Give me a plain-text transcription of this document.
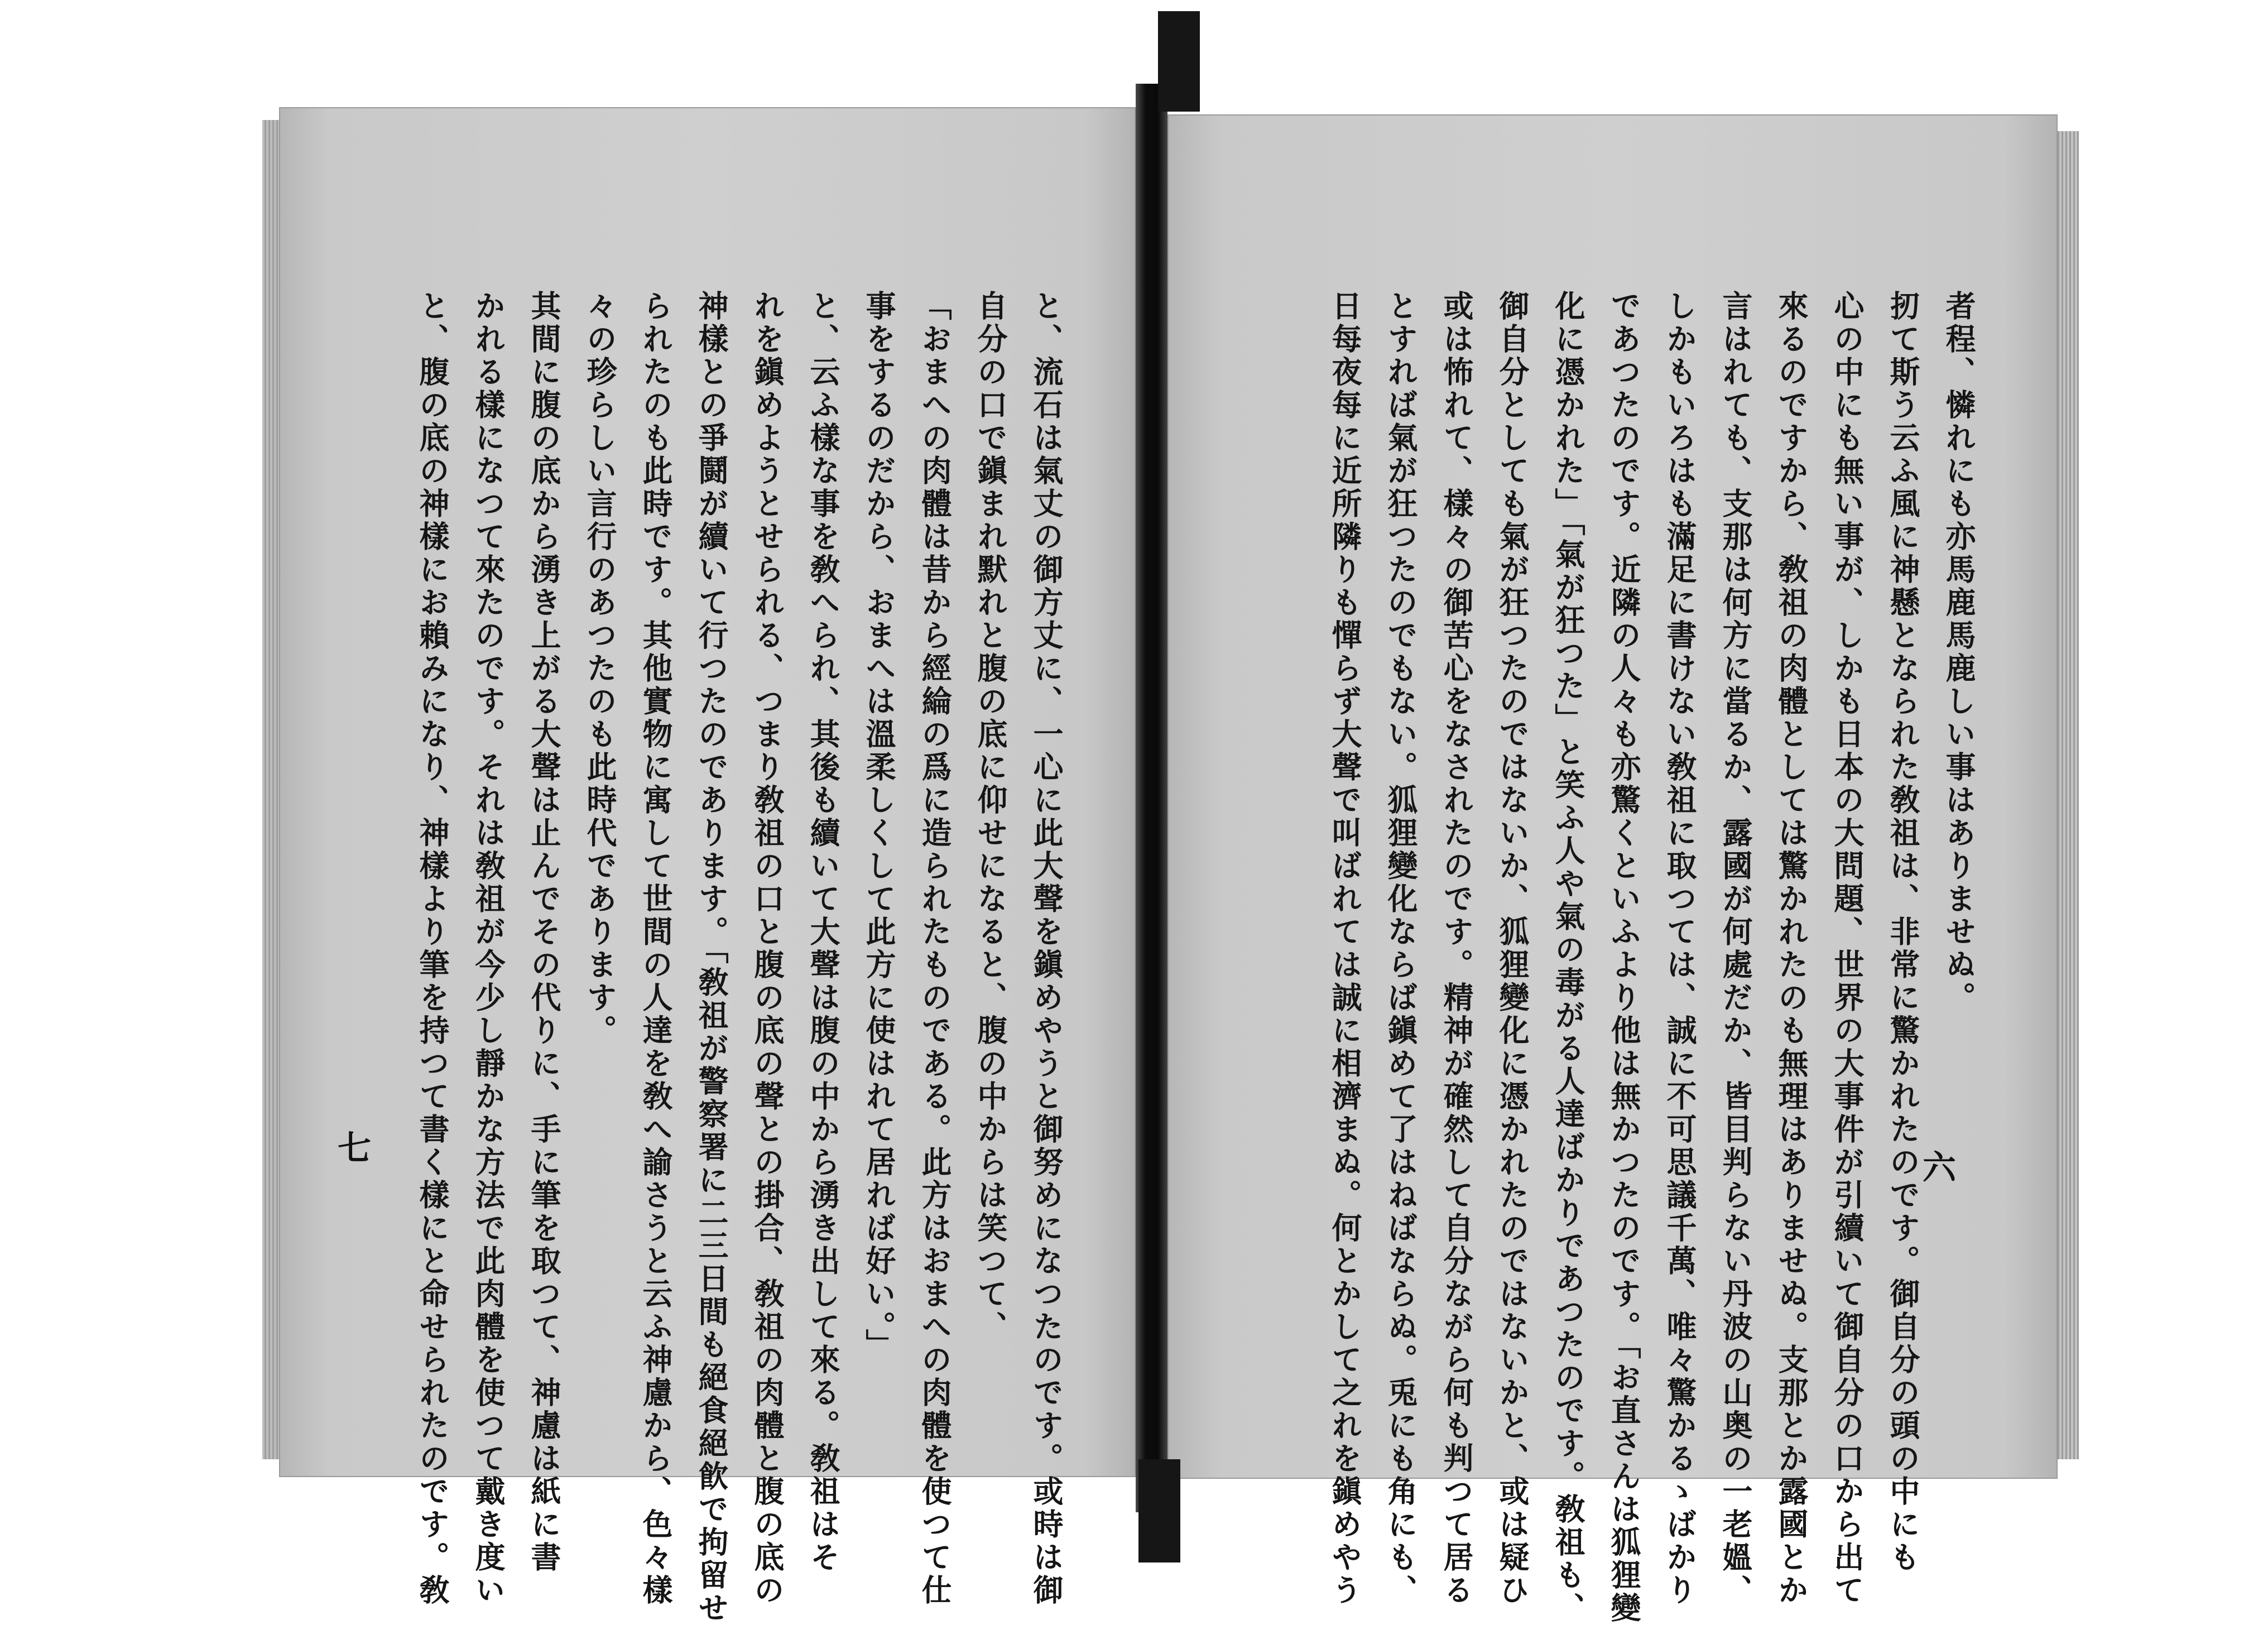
者程、憐れにも亦馬鹿馬鹿しい事はありませぬ。
扨て斯う云ふ風に神懸となられた敎祖は、非常に驚かれたのです。御自分の頭の中にも
心の中にも無い事が、しかも日本の大問題、世界の大事件が引續いて御自分の口から出て
來るのですから、敎祖の肉體としては驚かれたのも無理はありませぬ。支那とか露國とか
言はれても、支那は何方に當るか、露國が何處だか、皆目判らない丹波の山奥の一老媼、
しかもいろはも滿足に書けない敎祖に取つては、誠に不可思議千萬、唯々驚かるゝばかり
であつたのです。近隣の人々も亦驚くといふより他は無かつたのです。「お直さんは狐狸變
化に憑かれた」「氣が狂つた」と笑ふ人や氣の毒がる人達ばかりであつたのです。敎祖も、
御自分としても氣が狂つたのではないか、狐狸變化に憑かれたのではないかと、或は疑ひ
或は怖れて、樣々の御苦心をなされたのです。精神が確然して自分ながら何も判つて居る
とすれば氣が狂つたのでもない。狐狸變化ならば鎭めて了はねばならぬ。兎にも角にも、
日每夜每に近所隣りも憚らず大聲で叫ばれては誠に相濟まぬ。何とかして之れを鎭めやう	六
と、流石は氣丈の御方丈に、一心に此大聲を鎭めやうと御努めになつたのです。或時は御
自分の口で鎭まれ默れと腹の底に仰せになると、腹の中からは笑つて、
「おまへの肉體は昔から經綸の爲に造られたものである。此方はおまへの肉體を使つて仕
事をするのだから、おまへは溫柔しくして此方に使はれて居れば好い。」
と、云ふ樣な事を敎へられ、其後も續いて大聲は腹の中から湧き出して來る。敎祖はそ
れを鎭めようとせられる、つまり敎祖の口と腹の底の聲との掛合、敎祖の肉體と腹の底の
神樣との爭鬪が續いて行つたのであります。「敎祖が警察署に二三日間も絕食絕飮で拘留せ
られたのも此時です。其他實物に寓して世間の人達を敎へ諭さうと云ふ神慮から、色々樣
々の珍らしい言行のあつたのも此時代であります。
其間に腹の底から湧き上がる大聲は止んでその代りに、手に筆を取つて、神慮は紙に書
かれる樣になつて來たのです。それは敎祖が今少し靜かな方法で此肉體を使つて戴き度い
と、腹の底の神樣にお賴みになり、神樣より筆を持つて書く樣にと命せられたのです。敎
七
